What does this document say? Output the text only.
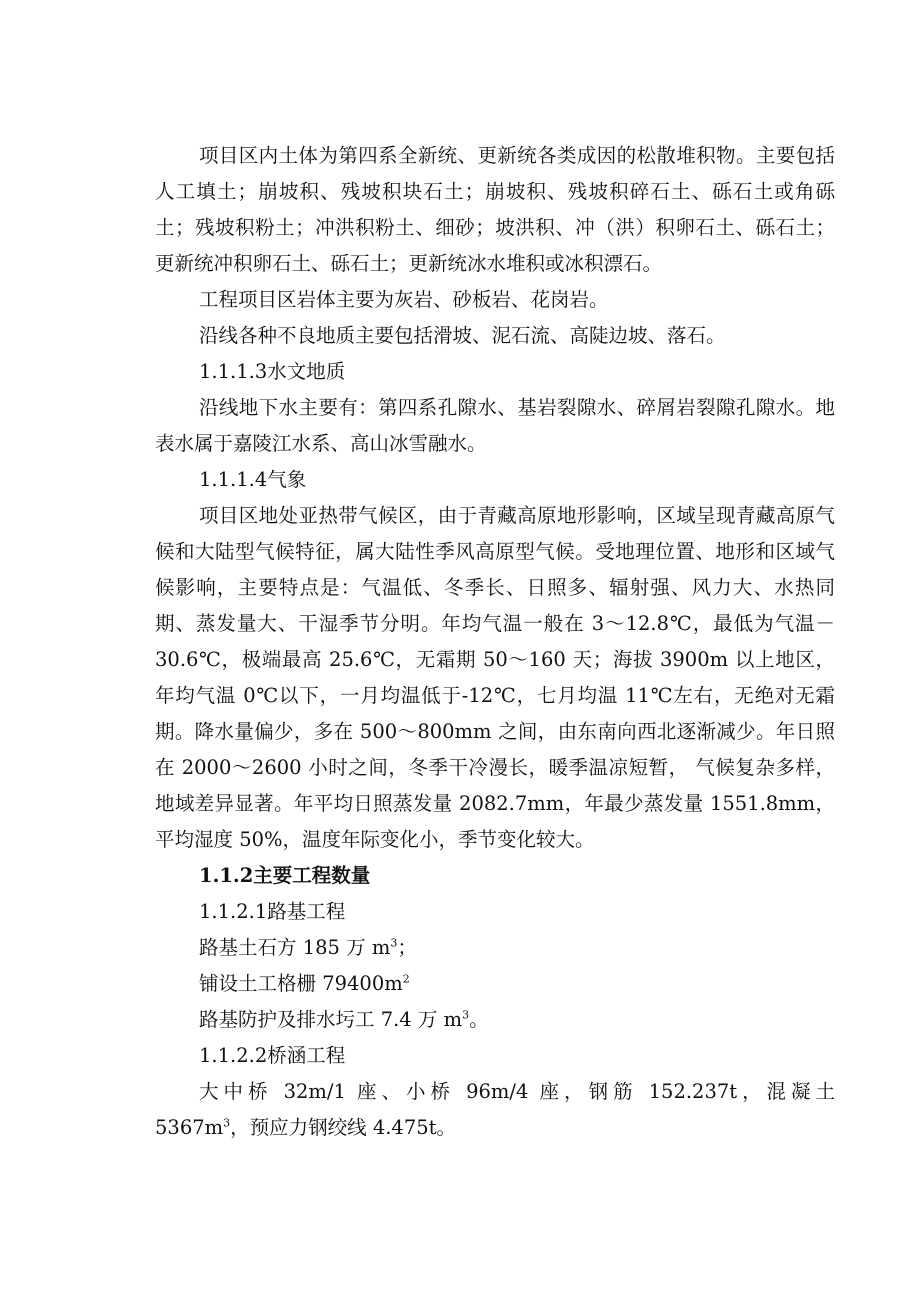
项目区内土体为第四系全新统、更新统各类成因的松散堆积物。主要包括人工填土；崩坡积、残坡积块石土；崩坡积、残坡积碎石土、砾石土或角砾土；残坡积粉土；冲洪积粉土、细砂；坡洪积、冲（洪）积卵石土、砾石土；更新统冲积卵石土、砾石土；更新统冰水堆积或冰积漂石。

工程项目区岩体主要为灰岩、砂板岩、花岗岩。

沿线各种不良地质主要包括滑坡、泥石流、高陡边坡、落石。

1.1.1.3水文地质

沿线地下水主要有：第四系孔隙水、基岩裂隙水、碎屑岩裂隙孔隙水。地表水属于嘉陵江水系、高山冰雪融水。

1.1.1.4气象

项目区地处亚热带气候区，由于青藏高原地形影响，区域呈现青藏高原气候和大陆型气候特征，属大陆性季风高原型气候。受地理位置、地形和区域气候影响，主要特点是：气温低、冬季长、日照多、辐射强、风力大、水热同期、蒸发量大、干湿季节分明。年均气温一般在 3～12.8℃，最低为气温－30.6℃，极端最高 25.6℃，无霜期 50～160 天；海拔 3900m 以上地区，年均气温 0℃以下，一月均温低于-12℃，七月均温 11℃左右，无绝对无霜期。降水量偏少，多在 500～800mm 之间，由东南向西北逐渐减少。年日照在 2000～2600 小时之间，冬季干冷漫长，暖季温凉短暂， 气候复杂多样，地域差异显著。年平均日照蒸发量 2082.7mm，年最少蒸发量 1551.8mm，平均湿度 50%，温度年际变化小，季节变化较大。

1.1.2主要工程数量

1.1.2.1路基工程

路基土石方 185 万 $m^3$；

铺设土工格栅 $79400m^2$

路基防护及排水圬工 7.4 万 $m^3$。

1.1.2.2桥涵工程

大中桥 32m/1 座、小桥 96m/4 座，钢筋 152.237t，混凝土 $5367m^3$，预应力钢绞线 4.475t。
